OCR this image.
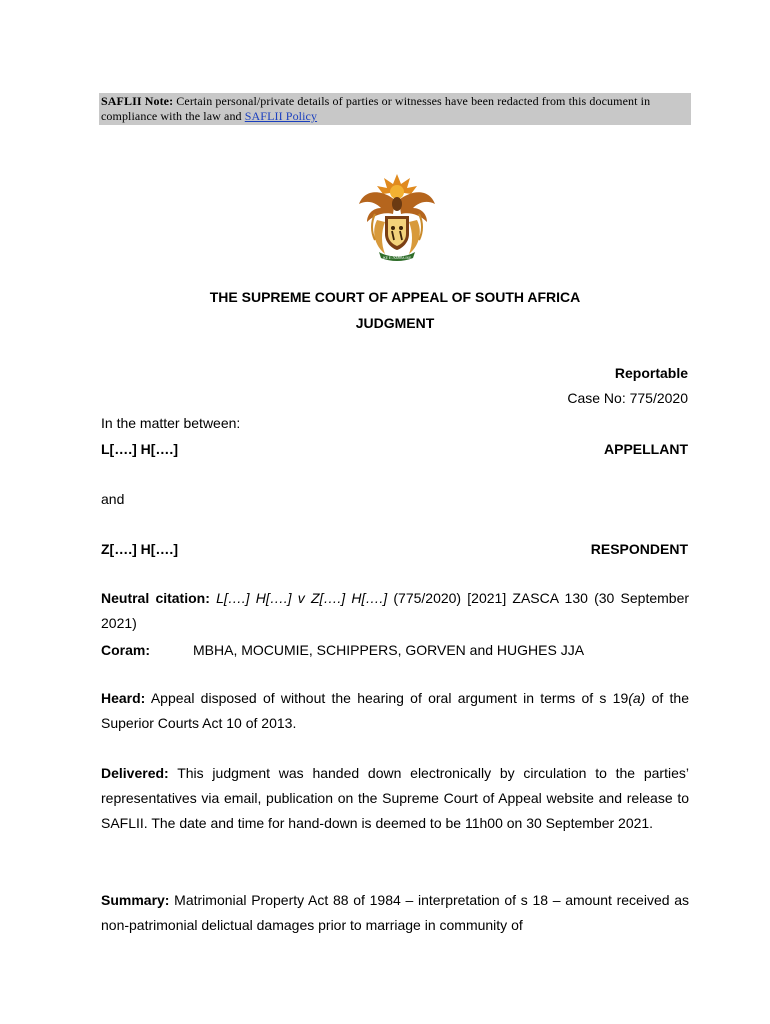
SAFLII Note: Certain personal/private details of parties or witnesses have been redacted from this document in compliance with the law and SAFLII Policy
!KE E: /XARRA //KE
THE SUPREME COURT OF APPEAL OF SOUTH AFRICA
JUDGMENT
Reportable
Case No: 775/2020
In the matter between:
L[….] H[….]	APPELLANT
and
Z[….] H[….]	RESPONDENT
Neutral citation: L[….] H[….] v Z[….] H[….] (775/2020) [2021] ZASCA 130 (30 September 2021)
Coram:	MBHA, MOCUMIE, SCHIPPERS, GORVEN and HUGHES JJA
Heard: Appeal disposed of without the hearing of oral argument in terms of s 19(a) of the Superior Courts Act 10 of 2013.
Delivered: This judgment was handed down electronically by circulation to the parties’ representatives via email, publication on the Supreme Court of Appeal website and release to SAFLII. The date and time for hand-down is deemed to be 11h00 on 30 September 2021.
Summary: Matrimonial Property Act 88 of 1984 – interpretation of s 18 – amount received as non-patrimonial delictual damages prior to marriage in community of
